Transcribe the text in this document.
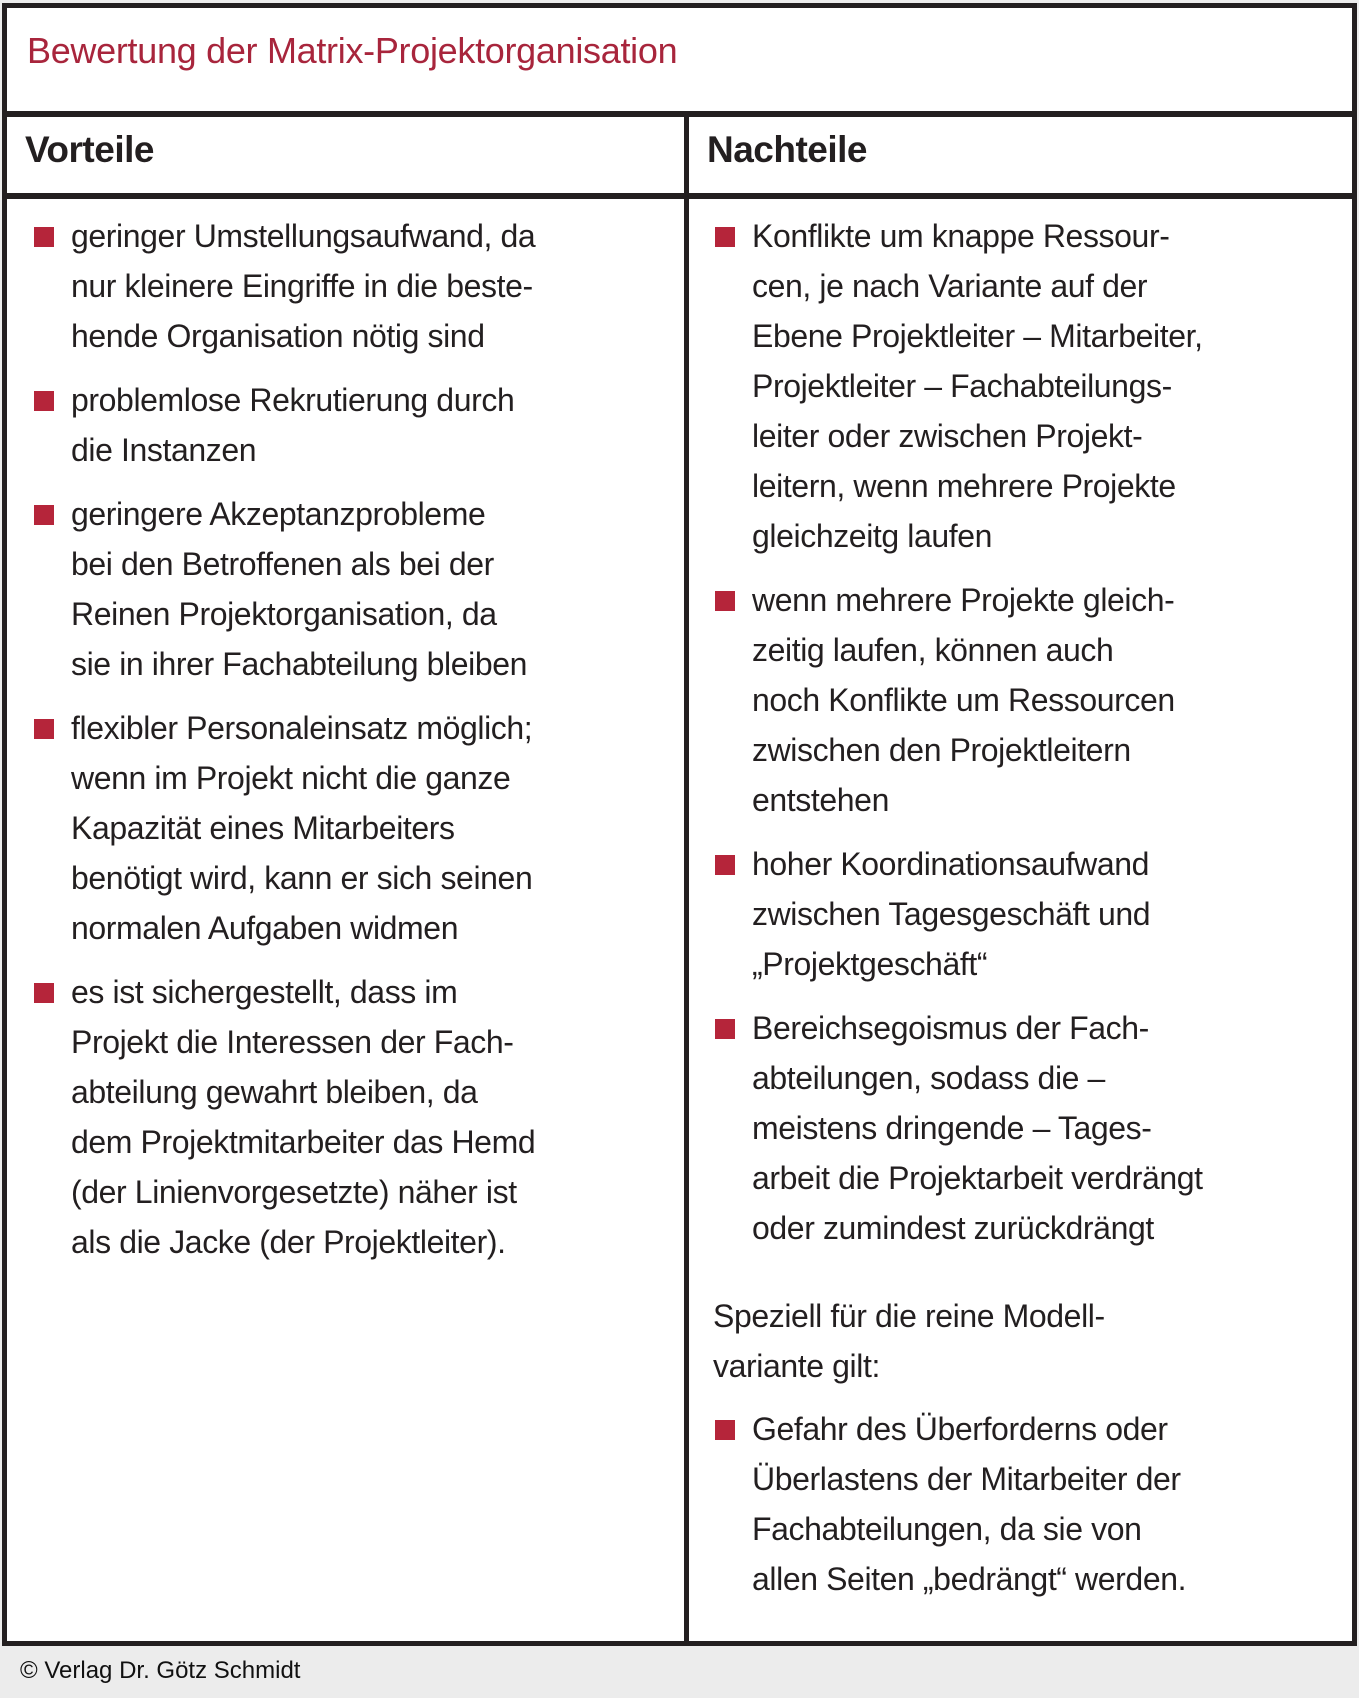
Bewertung der Matrix-Projektorganisation
Vorteile	Nachteile
geringer Umstellungsaufwand, da
nur kleinere Eingriffe in die beste-
hende Organisation nötig sind
problemlose Rekrutierung durch
die Instanzen
geringere Akzeptanzprobleme
bei den Betroffenen als bei der
Reinen Projektorganisation, da
sie in ihrer Fachabteilung bleiben
flexibler Personaleinsatz möglich;
wenn im Projekt nicht die ganze
Kapazität eines Mitarbeiters
benötigt wird, kann er sich seinen
normalen Aufgaben widmen
es ist sichergestellt, dass im
Projekt die Interessen der Fach-
abteilung gewahrt bleiben, da
dem Projektmitarbeiter das Hemd
(der Linienvorgesetzte) näher ist
als die Jacke (der Projektleiter).
Konflikte um knappe Ressour-
cen, je nach Variante auf der
Ebene Projektleiter – Mitarbeiter,
Projektleiter – Fachabteilungs-
leiter oder zwischen Projekt-
leitern, wenn mehrere Projekte
gleichzeitg laufen
wenn mehrere Projekte gleich-
zeitig laufen, können auch
noch Konflikte um Ressourcen
zwischen den Projektleitern
entstehen
hoher Koordinationsaufwand
zwischen Tagesgeschäft und
„Projektgeschäft“
Bereichsegoismus der Fach-
abteilungen, sodass die –
meistens dringende – Tages-
arbeit die Projektarbeit verdrängt
oder zumindest zurückdrängt
Speziell für die reine Modell-
variante gilt:
Gefahr des Überforderns oder
Überlastens der Mitarbeiter der
Fachabteilungen, da sie von
allen Seiten „bedrängt“ werden.
© Verlag Dr. Götz Schmidt
